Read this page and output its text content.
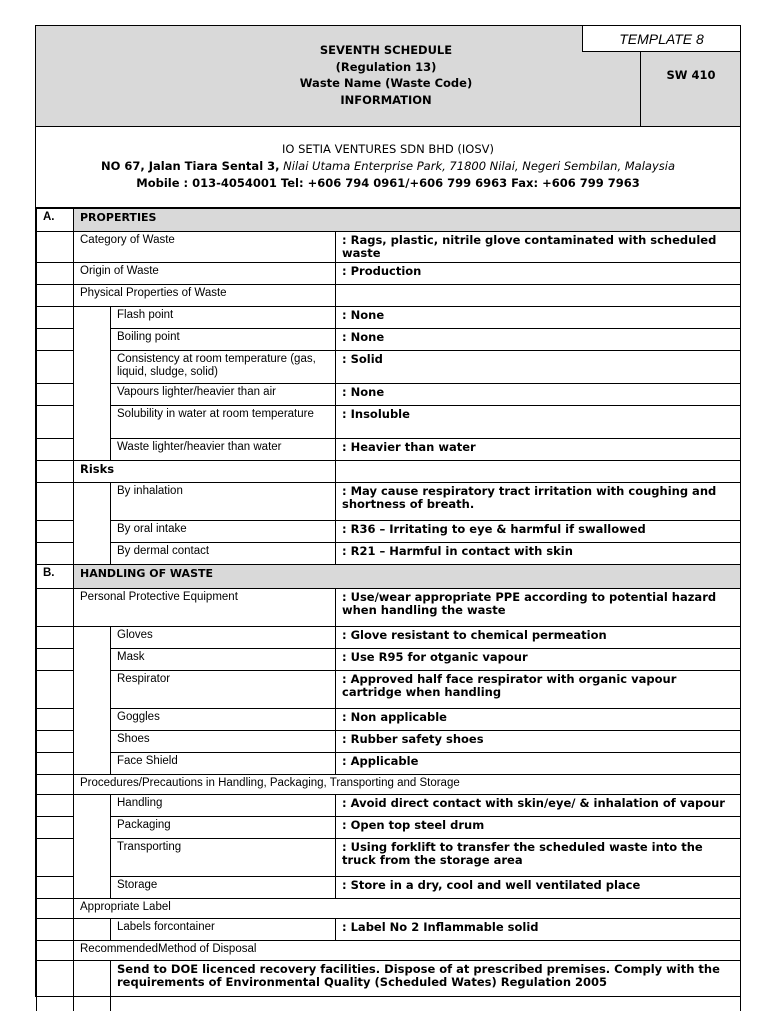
SEVENTH SCHEDULE
(Regulation 13)
Waste Name (Waste Code)
INFORMATION
TEMPLATE 8
SW 410
IO SETIA VENTURES SDN BHD (IOSV)
NO 67, Jalan Tiara Sental 3, Nilai Utama Enterprise Park, 71800 Nilai, Negeri Sembilan, Malaysia
Mobile : 013-4054001 Tel: +606 794 0961/+606 799 6963 Fax: +606 799 7963
A.	PROPERTIES		
	Category of Waste		: Rags, plastic, nitrile glove contaminated with scheduled waste
	Origin of Waste		: Production
	Physical Properties of Waste		
		Flash point	: None
		Boiling point	: None
		Consistency at room temperature (gas, liquid, sludge, solid)	: Solid
		Vapours lighter/heavier than air	: None
		Solubility in water at room temperature	: Insoluble
		Waste lighter/heavier than water	: Heavier than water
	Risks		
		By inhalation	: May cause respiratory tract irritation with coughing and shortness of breath.
		By oral intake	: R36 – Irritating to eye & harmful if swallowed
		By dermal contact	: R21 – Harmful in contact with skin
B.	HANDLING OF WASTE		
	Personal Protective Equipment		: Use/wear appropriate PPE according to potential hazard when handling the waste
		Gloves	: Glove resistant to chemical permeation
		Mask	: Use R95 for otganic vapour
		Respirator	: Approved half face respirator with organic vapour cartridge when handling
		Goggles	: Non applicable
		Shoes	: Rubber safety shoes
		Face Shield	: Applicable
	Procedures/Precautions in Handling, Packaging, Transporting and Storage		
		Handling	: Avoid direct contact with skin/eye/ & inhalation of vapour
		Packaging	: Open top steel drum
		Transporting	: Using forklift to transfer the scheduled waste into the truck from the storage area
		Storage	: Store in a dry, cool and well ventilated place
	Appropriate Label		
		Labels forcontainer	: Label No 2 Inflammable solid
	RecommendedMethod of Disposal		
		Send to DOE licenced recovery facilities. Dispose of at prescribed premises. Comply with the requirements of Environmental Quality (Scheduled Wates) Regulation 2005	
